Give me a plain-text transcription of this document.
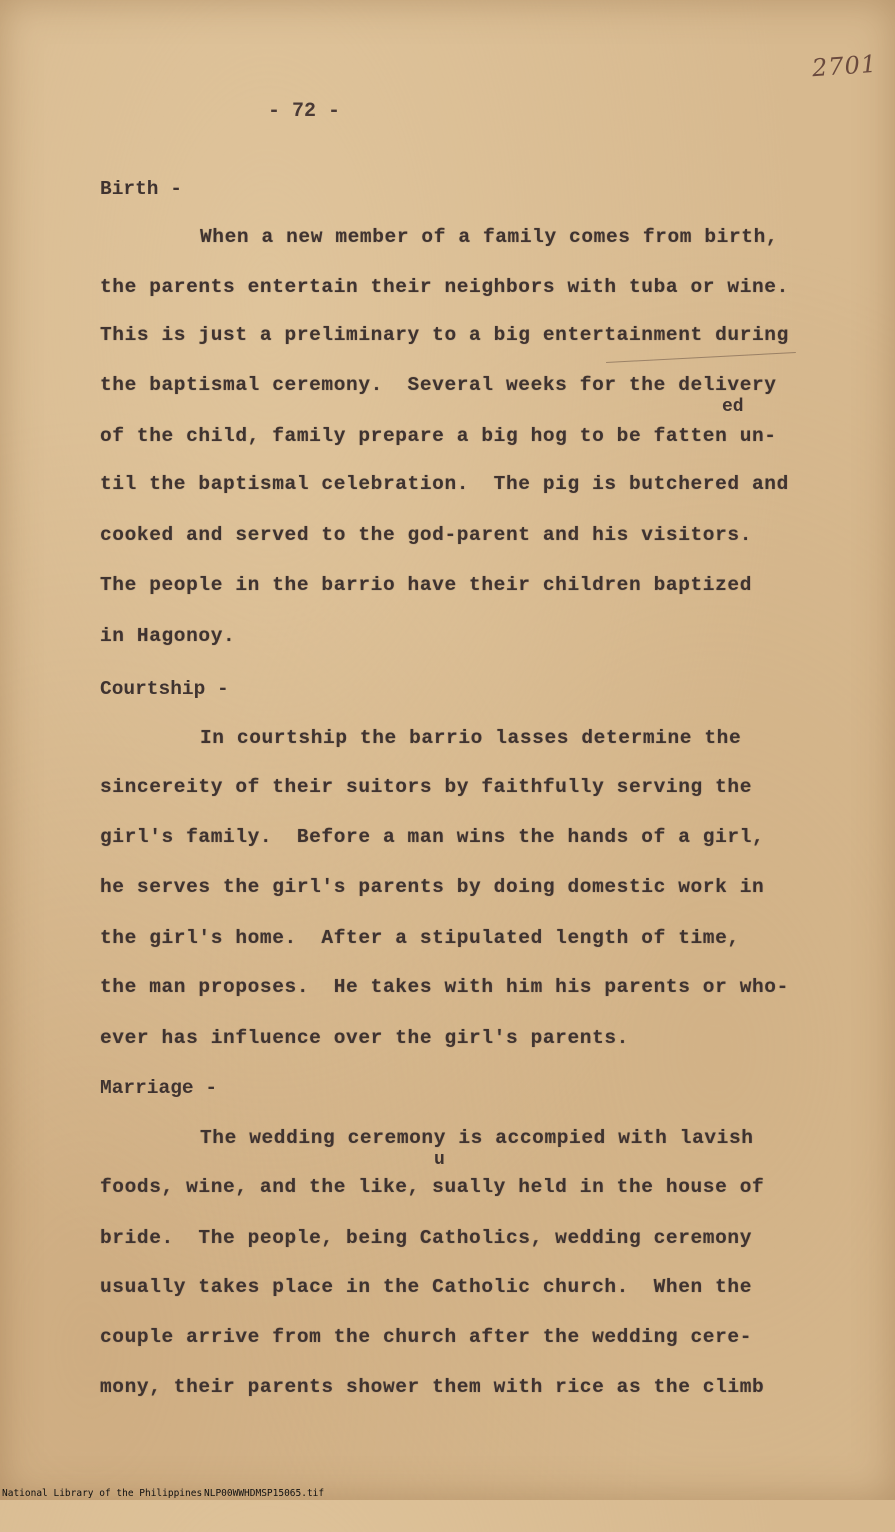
2701
- 72 -
Birth -
When a new member of a family comes from birth,
the parents entertain their neighbors with tuba or wine.
This is just a preliminary to a big entertainment during
the baptismal ceremony.  Several weeks for the delivery
ed
of the child, family prepare a big hog to be fatten un-
til the baptismal celebration.  The pig is butchered and
cooked and served to the god-parent and his visitors.
The people in the barrio have their children baptized
in Hagonoy.
Courtship -
In courtship the barrio lasses determine the
sincereity of their suitors by faithfully serving the
girl's family.  Before a man wins the hands of a girl,
he serves the girl's parents by doing domestic work in
the girl's home.  After a stipulated length of time,
the man proposes.  He takes with him his parents or who-
ever has influence over the girl's parents.
Marriage -
The wedding ceremony is accompied with lavish
u
foods, wine, and the like, sually held in the house of
bride.  The people, being Catholics, wedding ceremony
usually takes place in the Catholic church.  When the
couple arrive from the church after the wedding cere-
mony, their parents shower them with rice as the climb

National Library of the Philippines

NLP00WWHDMSP15065.tif
